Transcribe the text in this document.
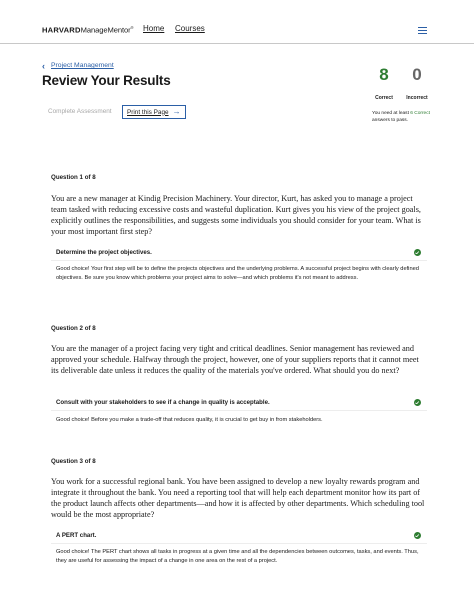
HARVARDManageMentor® Home Courses
‹ Project Management
Review Your Results
Complete Assessment Print this Page →
8	0
Correct	Incorrect
You need at least 6 Correct answers to pass.
Question 1 of 8
You are a new manager at Kindig Precision Machinery. Your director, Kurt, has asked you to manage a project team tasked with reducing excessive costs and wasteful duplication. Kurt gives you his view of the project goals, explicitly outlines the responsibilities, and suggests some individuals you should consider for your team. What is your most important first step?
Determine the project objectives.
Good choice! Your first step will be to define the projects objectives and the underlying problems. A successful project begins with clearly defined objectives. Be sure you know which problems your project aims to solve—and which problems it's not meant to address.
Question 2 of 8
You are the manager of a project facing very tight and critical deadlines. Senior management has reviewed and approved your schedule. Halfway through the project, however, one of your suppliers reports that it cannot meet its deliverable date unless it reduces the quality of the materials you've ordered. What should you do next?
Consult with your stakeholders to see if a change in quality is acceptable.
Good choice! Before you make a trade-off that reduces quality, it is crucial to get buy in from stakeholders.
Question 3 of 8
You work for a successful regional bank. You have been assigned to develop a new loyalty rewards program and integrate it throughout the bank. You need a reporting tool that will help each department monitor how its part of the product launch affects other departments—and how it is affected by other departments. Which scheduling tool would be the most appropriate?
A PERT chart.
Good choice! The PERT chart shows all tasks in progress at a given time and all the dependencies between outcomes, tasks, and events. Thus, they are useful for assessing the impact of a change in one area on the rest of a project.
